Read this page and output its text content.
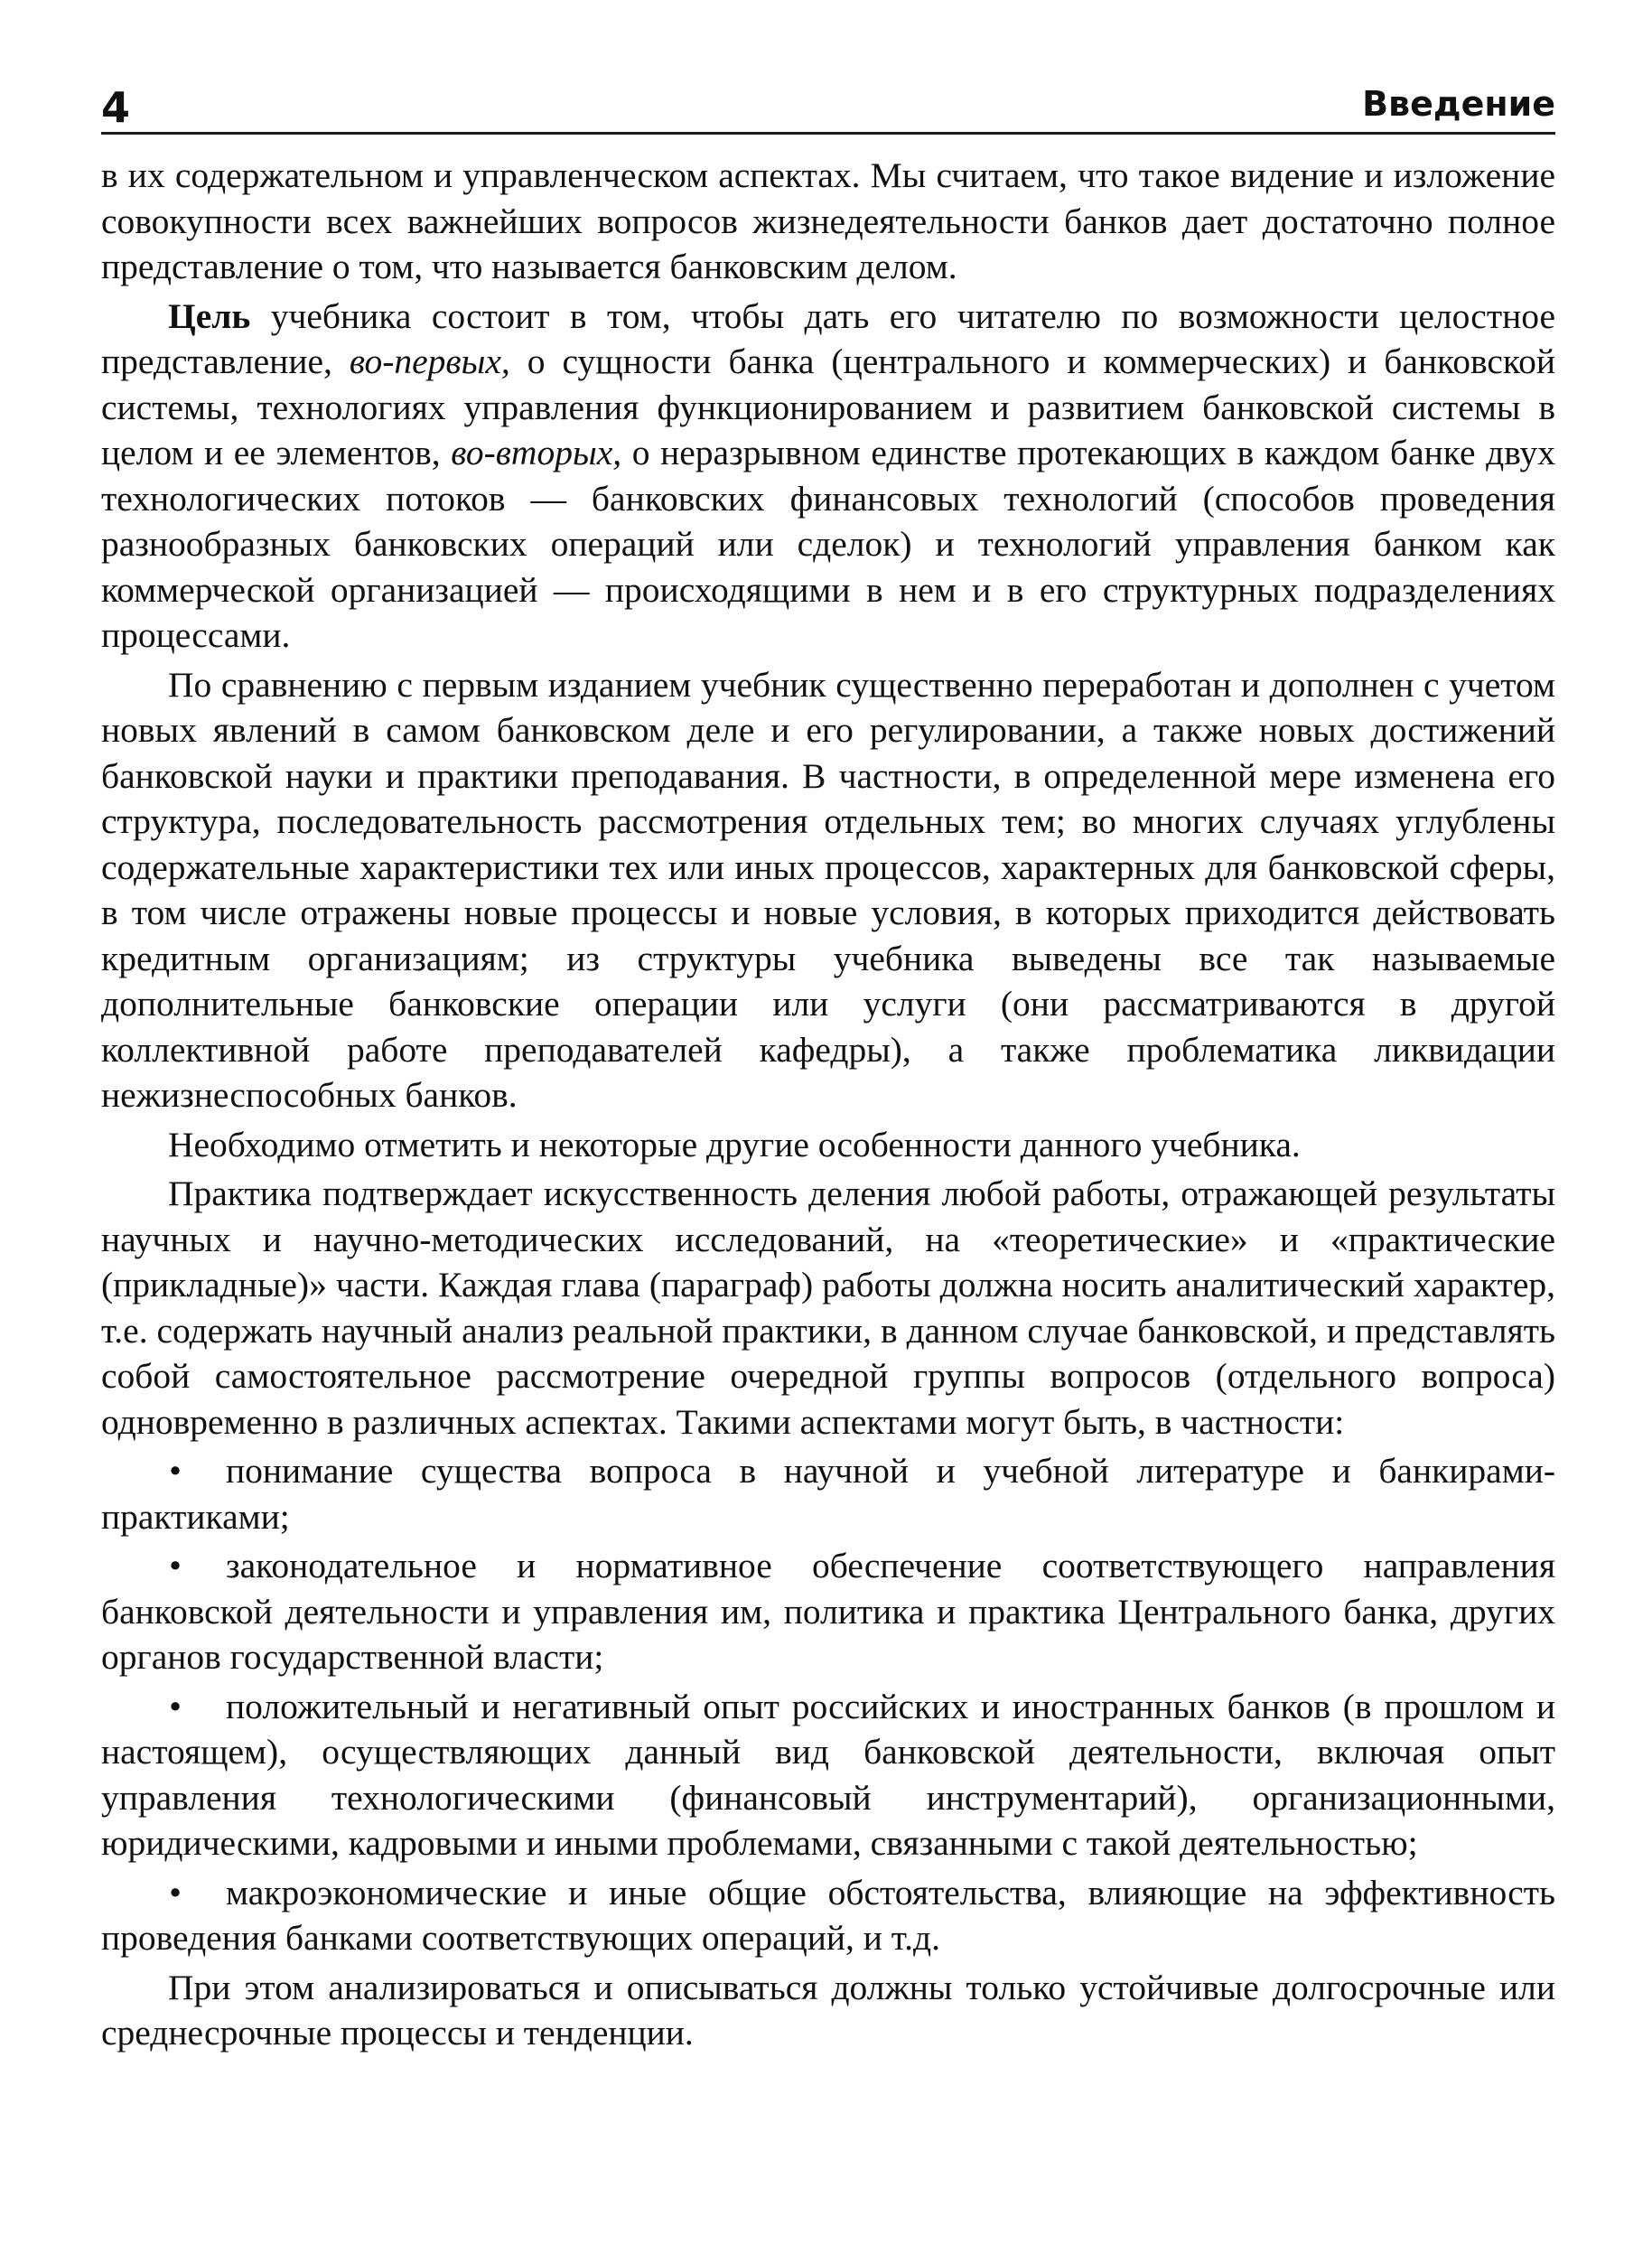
4	Введение

в их содержательном и управленческом аспектах. Мы считаем, что такое видение и изложение совокупности всех важнейших вопросов жизнедеятельности банков дает достаточно полное представление о том, что называется банковским делом.

Цель учебника состоит в том, чтобы дать его читателю по возможности целостное представление, во-первых, о сущности банка (центрального и коммерческих) и банковской системы, технологиях управления функционированием и развитием банковской системы в целом и ее элементов, во-вторых, о неразрывном единстве протекающих в каждом банке двух технологических потоков — банковских финансовых технологий (способов проведения разнообразных банковских операций или сделок) и технологий управления банком как коммерческой организацией — происходящими в нем и в его структурных подразделениях процессами.

По сравнению с первым изданием учебник существенно переработан и дополнен с учетом новых явлений в самом банковском деле и его регулировании, а также новых достижений банковской науки и практики преподавания. В частности, в определенной мере изменена его структура, последовательность рассмотрения отдельных тем; во многих случаях углублены содержательные характеристики тех или иных процессов, характерных для банковской сферы, в том числе отражены новые процессы и новые условия, в которых приходится действовать кредитным организациям; из структуры учебника выведены все так называемые дополнительные банковские операции или услуги (они рассматриваются в другой коллективной работе преподавателей кафедры), а также проблематика ликвидации нежизнеспособных банков.

Необходимо отметить и некоторые другие особенности данного учебника.

Практика подтверждает искусственность деления любой работы, отражающей результаты научных и научно-методических исследований, на «теоретические» и «практические (прикладные)» части. Каждая глава (параграф) работы должна носить аналитический характер, т.е. содержать научный анализ реальной практики, в данном случае банковской, и представлять собой самостоятельное рассмотрение очередной группы вопросов (отдельного вопроса) одновременно в различных аспектах. Такими аспектами могут быть, в частности:

• понимание существа вопроса в научной и учебной литературе и банкирами-практиками;

• законодательное и нормативное обеспечение соответствующего направления банковской деятельности и управления им, политика и практика Центрального банка, других органов государственной власти;

• положительный и негативный опыт российских и иностранных банков (в прошлом и настоящем), осуществляющих данный вид банковской деятельности, включая опыт управления технологическими (финансовый инструментарий), организационными, юридическими, кадровыми и иными проблемами, связанными с такой деятельностью;

• макроэкономические и иные общие обстоятельства, влияющие на эффективность проведения банками соответствующих операций, и т.д.

При этом анализироваться и описываться должны только устойчивые долгосрочные или среднесрочные процессы и тенденции.
